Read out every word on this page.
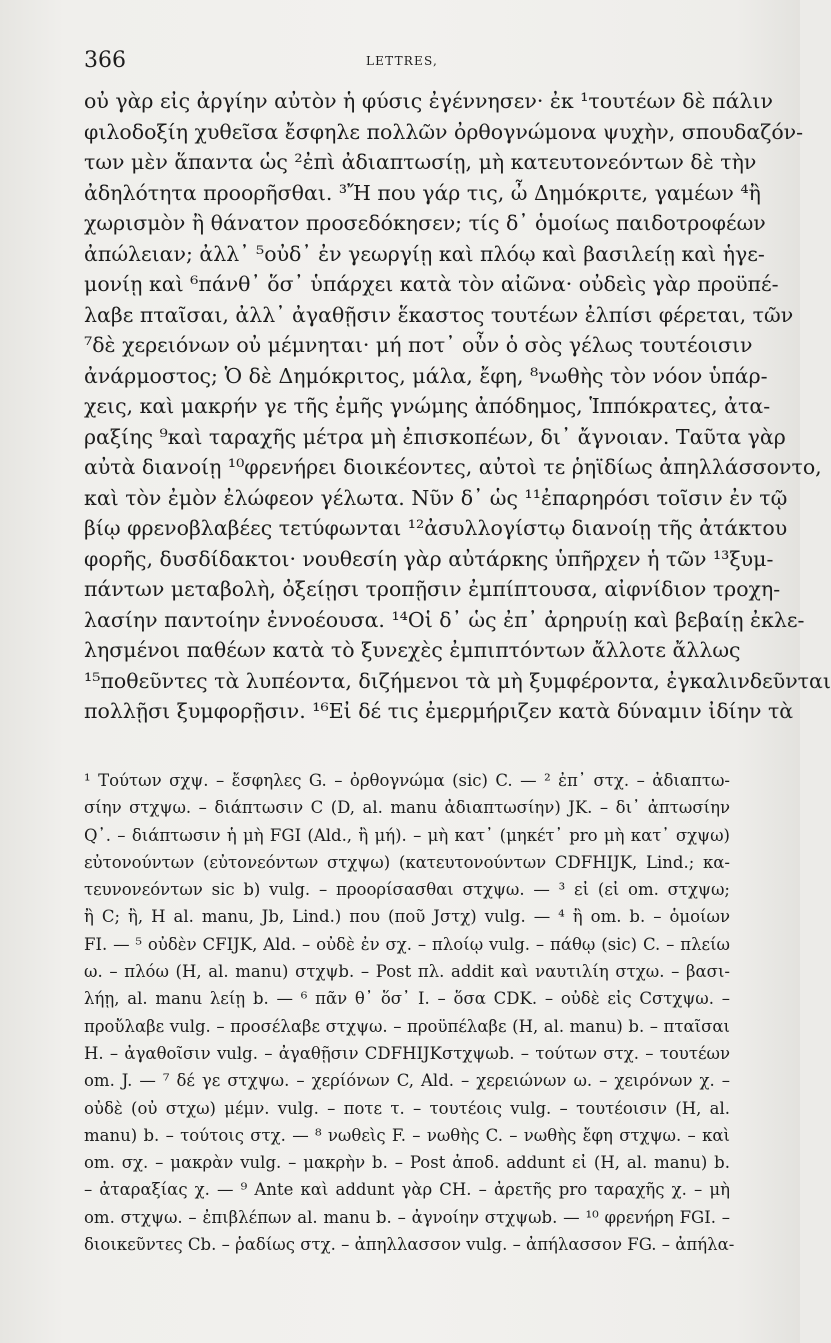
366	LETTRES,
οὐ γὰρ εἰς ἀργίην αὐτὸν ἡ φύσις ἐγέννησεν· ἐκ ¹τουτέων δὲ πάλιν
φιλοδοξίη χυθεῖσα ἔσφηλε πολλῶν ὀρθογνώμονα ψυχὴν, σπουδαζόν-
των μὲν ἅπαντα ὡς ²ἐπὶ ἀδιαπτωσίῃ, μὴ κατευτονεόντων δὲ τὴν
ἀδηλότητα προορῆσθαι. ³Ἤ που γάρ τις, ὦ Δημόκριτε, γαμέων ⁴ἢ
χωρισμὸν ἢ θάνατον προσεδόκησεν; τίς δ᾽ ὁμοίως παιδοτροφέων
ἀπώλειαν; ἀλλ᾽ ⁵οὐδ᾽ ἐν γεωργίῃ καὶ πλόῳ καὶ βασιλείῃ καὶ ἡγε-
μονίῃ καὶ ⁶πάνθ᾽ ὅσ᾽ ὑπάρχει κατὰ τὸν αἰῶνα· οὐδεὶς γὰρ προϋπέ-
λαβε πταῖσαι, ἀλλ᾽ ἀγαθῇσιν ἕκαστος τουτέων ἐλπίσι φέρεται, τῶν
⁷δὲ χερειόνων οὐ μέμνηται· μή ποτ᾽ οὖν ὁ σὸς γέλως τουτέοισιν
ἀνάρμοστος; Ὁ δὲ Δημόκριτος, μάλα, ἔφη, ⁸νωθὴς τὸν νόον ὑπάρ-
χεις, καὶ μακρήν γε τῆς ἐμῆς γνώμης ἀπόδημος, Ἱππόκρατες, ἀτα-
ραξίης ⁹καὶ ταραχῆς μέτρα μὴ ἐπισκοπέων, δι᾽ ἄγνοιαν. Ταῦτα γὰρ
αὐτὰ διανοίῃ ¹⁰φρενήρει διοικέοντες, αὐτοὶ τε ῥηϊδίως ἀπηλλάσσοντο,
καὶ τὸν ἐμὸν ἐλώφεον γέλωτα. Νῦν δ᾽ ὡς ¹¹ἐπαρηρόσι τοῖσιν ἐν τῷ
βίῳ φρενοβλαβέες τετύφωνται ¹²ἀσυλλογίστῳ διανοίῃ τῆς ἀτάκτου
φορῆς, δυσδίδακτοι· νουθεσίη γὰρ αὐτάρκης ὑπῆρχεν ἡ τῶν ¹³ξυμ-
πάντων μεταβολὴ, ὀξείῃσι τροπῇσιν ἐμπίπτουσα, αἰφνίδιον τροχη-
λασίην παντοίην ἐννοέουσα. ¹⁴Οἱ δ᾽ ὡς ἐπ᾽ ἀρηρυίῃ καὶ βεβαίῃ ἐκλε-
λησμένοι παθέων κατὰ τὸ ξυνεχὲς ἐμπιπτόντων ἄλλοτε ἄλλως
¹⁵ποθεῦντες τὰ λυπέοντα, διζήμενοι τὰ μὴ ξυμφέροντα, ἐγκαλινδεῦνται
πολλῇσι ξυμφορῇσιν. ¹⁶Εἰ δέ τις ἐμερμήριζεν κατὰ δύναμιν ἰδίην τὰ
¹ Τούτων σχψ. – ἔσφηλες G. – ὀρθογνώμα (sic) C. — ² ἐπ᾽ στχ. – ἀδιαπτω-
σίην στχψω. – διάπτωσιν C (D, al. manu ἀδιαπτωσίην) JK. – δι᾽ ἀπτωσίην
Q᾽. – διάπτωσιν ἡ μὴ FGI (Ald., ἢ μή). – μὴ κατ᾽ (μηκέτ᾽ pro μὴ κατ᾽ σχψω)
εὐτονούντων (εὐτονεόντων στχψω) (κατευτονούντων CDFHIJK, Lind.; κα-
τευνονεόντων sic b) vulg. – προορίσασθαι στχψω. — ³ εἰ (εἰ om. στχψω;
ἢ C; ἢ, H al. manu, Jb, Lind.) που (ποῦ Jστχ) vulg. — ⁴ ἢ om. b. – ὁμοίων
FI. — ⁵ οὐδὲν CFIJK, Ald. – οὐδὲ ἐν σχ. – πλοίῳ vulg. – πάθῳ (sic) C. – πλείω
ω. – πλόω (H, al. manu) στχψb. – Post πλ. addit καὶ ναυτιλίη στχω. – βασι-
λήῃ, al. manu λείῃ b. — ⁶ πᾶν θ᾽ ὅσ᾽ I. – ὅσα CDK. – οὐδὲ εἰς Cστχψω. –
προὔλαβε vulg. – προσέλαβε στχψω. – προϋπέλαβε (H, al. manu) b. – πταῖσαι
H. – ἀγαθοῖσιν vulg. – ἀγαθῇσιν CDFHIJKστχψωb. – τούτων στχ. – τουτέων
om. J. — ⁷ δέ γε στχψω. – χερίόνων C, Ald. – χερειώνων ω. – χειρόνων χ. –
οὐδὲ (οὐ στχω) μέμν. vulg. – ποτε τ. – τουτέοις vulg. – τουτέοισιν (H, al.
manu) b. – τούτοις στχ. — ⁸ νωθεὶς F. – νωθὴς C. – νωθὴς ἔφη στχψω. – καὶ
om. σχ. – μακρὰν vulg. – μακρὴν b. – Post ἀποδ. addunt εἰ (H, al. manu) b.
– ἀταραξίας χ. — ⁹ Ante καὶ addunt γὰρ CH. – ἀρετῆς pro ταραχῆς χ. – μὴ
om. στχψω. – ἐπιβλέπων al. manu b. – ἀγνοίην στχψωb. — ¹⁰ φρενήρη FGI. –
διοικεῦντες Cb. – ῥαδίως στχ. – ἀπηλλασσον vulg. – ἀπήλασσον FG. – ἀπήλα-
